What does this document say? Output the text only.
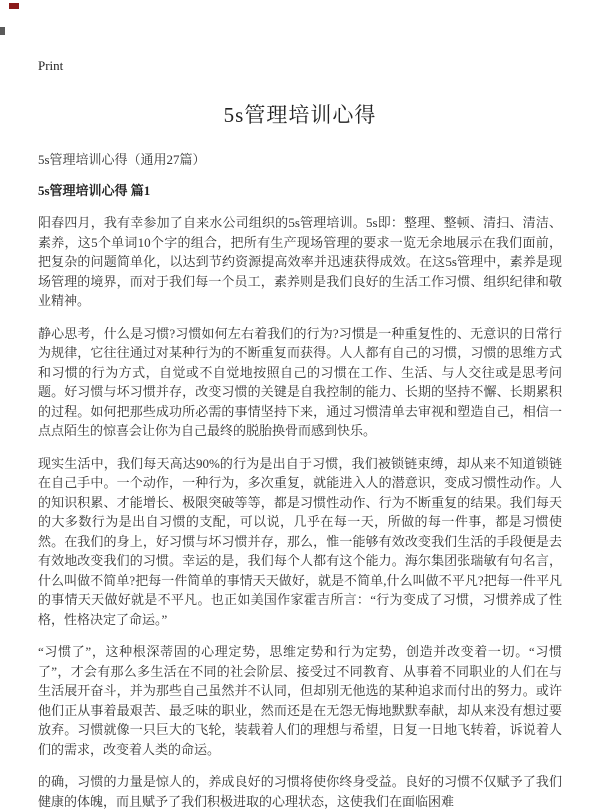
Print
5s管理培训心得
5s管理培训心得（通用27篇）
5s管理培训心得 篇1

阳春四月，我有幸参加了自来水公司组织的5s管理培训。5s即：整理、整顿、清扫、清洁、素养，这5个单词10个字的组合，把所有生产现场管理的要求一览无余地展示在我们面前，把复杂的问题简单化，以达到节约资源提高效率并迅速获得成效。在这5s管理中，素养是现场管理的境界，而对于我们每一个员工，素养则是我们良好的生活工作习惯、组织纪律和敬业精神。

静心思考，什么是习惯?习惯如何左右着我们的行为?习惯是一种重复性的、无意识的日常行为规律，它往往通过对某种行为的不断重复而获得。人人都有自己的习惯，习惯的思维方式和习惯的行为方式，自觉或不自觉地按照自己的习惯在工作、生活、与人交往或是思考问题。好习惯与坏习惯并存，改变习惯的关键是自我控制的能力、长期的坚持不懈、长期累积的过程。如何把那些成功所必需的事情坚持下来，通过习惯清单去审视和塑造自己，相信一点点陌生的惊喜会让你为自己最终的脱胎换骨而感到快乐。

现实生活中，我们每天高达90%的行为是出自于习惯，我们被锁链束缚，却从来不知道锁链在自己手中。一个动作，一种行为，多次重复，就能进入人的潜意识，变成习惯性动作。人的知识积累、才能增长、极限突破等等，都是习惯性动作、行为不断重复的结果。我们每天的大多数行为是出自习惯的支配，可以说，几乎在每一天，所做的每一件事，都是习惯使然。在我们的身上，好习惯与坏习惯并存，那么，惟一能够有效改变我们生活的手段便是去有效地改变我们的习惯。幸运的是，我们每个人都有这个能力。海尔集团张瑞敏有句名言，什么叫做不简单?把每一件简单的事情天天做好，就是不简单,什么叫做不平凡?把每一件平凡的事情天天做好就是不平凡。也正如美国作家霍吉所言：“行为变成了习惯，习惯养成了性格，性格决定了命运。”

“习惯了”，这种根深蒂固的心理定势，思维定势和行为定势，创造并改变着一切。“习惯了”，才会有那么多生活在不同的社会阶层、接受过不同教育、从事着不同职业的人们在与生活展开奋斗，并为那些自己虽然并不认同，但却别无他选的某种追求而付出的努力。或许他们正从事着最艰苦、最乏味的职业，然而还是在无怨无悔地默默奉献，却从来没有想过要放弃。习惯就像一只巨大的飞轮，装载着人们的理想与希望，日复一日地飞转着，诉说着人们的需求，改变着人类的命运。

的确，习惯的力量是惊人的，养成良好的习惯将使你终身受益。良好的习惯不仅赋予了我们健康的体魄，而且赋予了我们积极进取的心理状态，这使我们在面临困难
